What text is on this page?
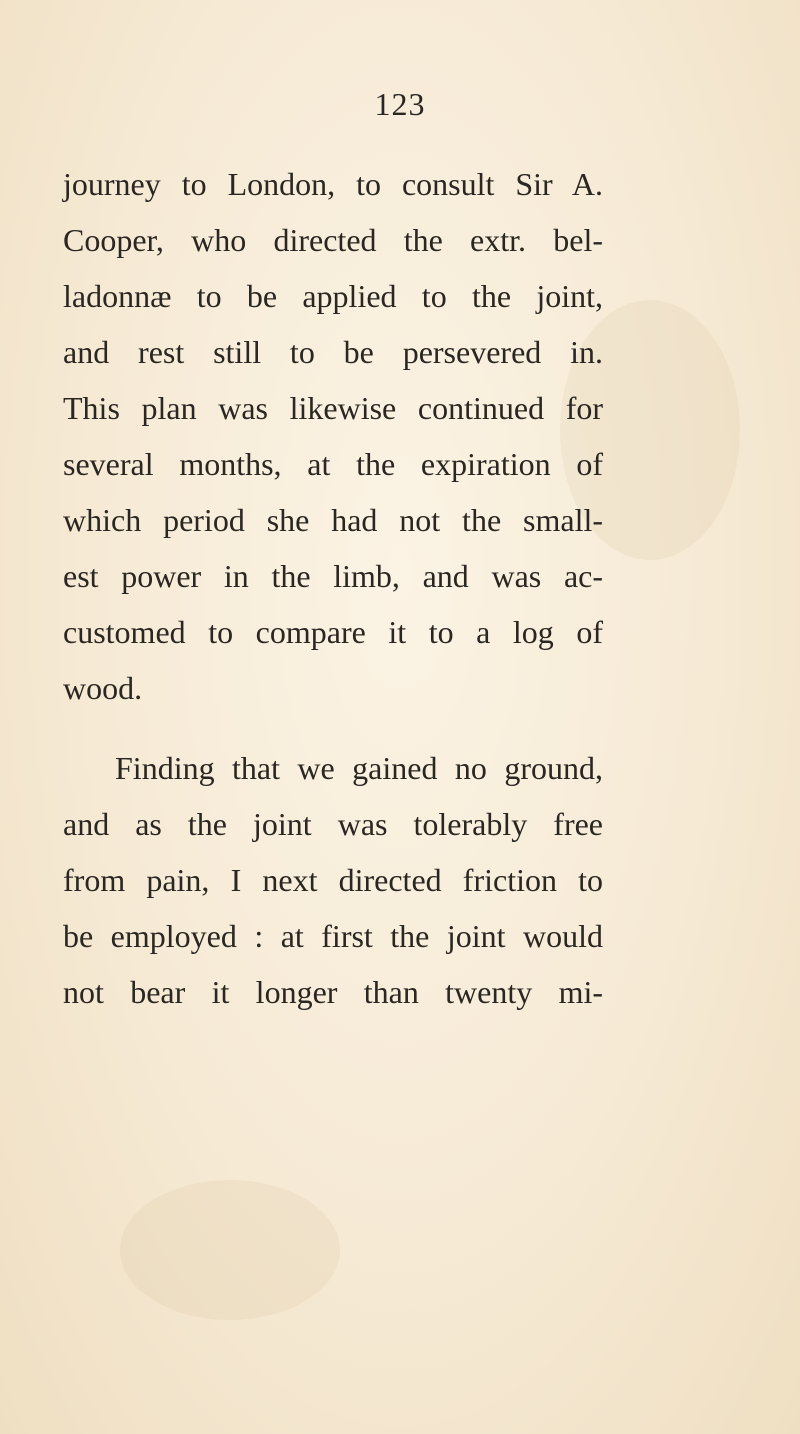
123
journey to London, to consult Sir A.
Cooper, who directed the extr. bel-
ladonnæ to be applied to the joint,
and rest still to be persevered in.
This plan was likewise continued for
several months, at the expiration of
which period she had not the small-
est power in the limb, and was ac-
customed to compare it to a log of
wood.
Finding that we gained no ground,
and as the joint was tolerably free
from pain, I next directed friction to
be employed : at first the joint would
not bear it longer than twenty mi-
